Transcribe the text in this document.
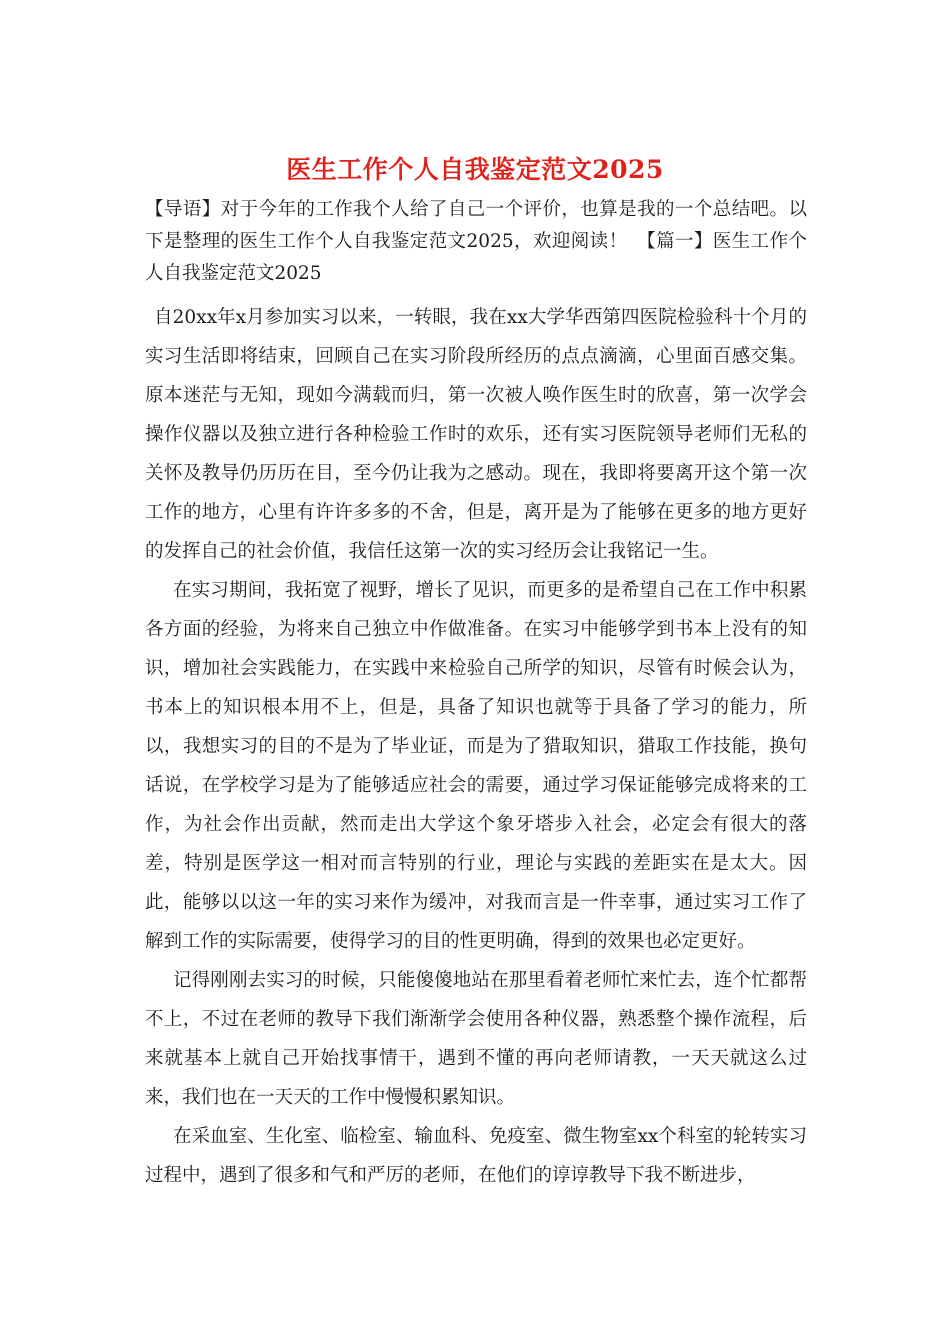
医生工作个人自我鉴定范文2025

【导语】对于今年的工作我个人给了自己一个评价，也算是我的一个总结吧。以下是整理的医生工作个人自我鉴定范文2025，欢迎阅读！　【篇一】医生工作个人自我鉴定范文2025

自20xx年x月参加实习以来，一转眼，我在xx大学华西第四医院检验科十个月的实习生活即将结束，回顾自己在实习阶段所经历的点点滴滴，心里面百感交集。原本迷茫与无知，现如今满载而归，第一次被人唤作医生时的欣喜，第一次学会操作仪器以及独立进行各种检验工作时的欢乐，还有实习医院领导老师们无私的关怀及教导仍历历在目，至今仍让我为之感动。现在，我即将要离开这个第一次工作的地方，心里有许许多多的不舍，但是，离开是为了能够在更多的地方更好的发挥自己的社会价值，我信任这第一次的实习经历会让我铭记一生。

在实习期间，我拓宽了视野，增长了见识，而更多的是希望自己在工作中积累各方面的经验，为将来自己独立中作做准备。在实习中能够学到书本上没有的知识，增加社会实践能力，在实践中来检验自己所学的知识，尽管有时候会认为，书本上的知识根本用不上，但是，具备了知识也就等于具备了学习的能力，所以，我想实习的目的不是为了毕业证，而是为了猎取知识，猎取工作技能，换句话说，在学校学习是为了能够适应社会的需要，通过学习保证能够完成将来的工作，为社会作出贡献，然而走出大学这个象牙塔步入社会，必定会有很大的落差，特别是医学这一相对而言特别的行业，理论与实践的差距实在是太大。因此，能够以以这一年的实习来作为缓冲，对我而言是一件幸事，通过实习工作了解到工作的实际需要，使得学习的目的性更明确，得到的效果也必定更好。

记得刚刚去实习的时候，只能傻傻地站在那里看着老师忙来忙去，连个忙都帮不上，不过在老师的教导下我们渐渐学会使用各种仪器，熟悉整个操作流程，后来就基本上就自己开始找事情干，遇到不懂的再向老师请教，一天天就这么过来，我们也在一天天的工作中慢慢积累知识。

在采血室、生化室、临检室、输血科、免疫室、微生物室xx个科室的轮转实习过程中，遇到了很多和气和严厉的老师，在他们的谆谆教导下我不断进步，
